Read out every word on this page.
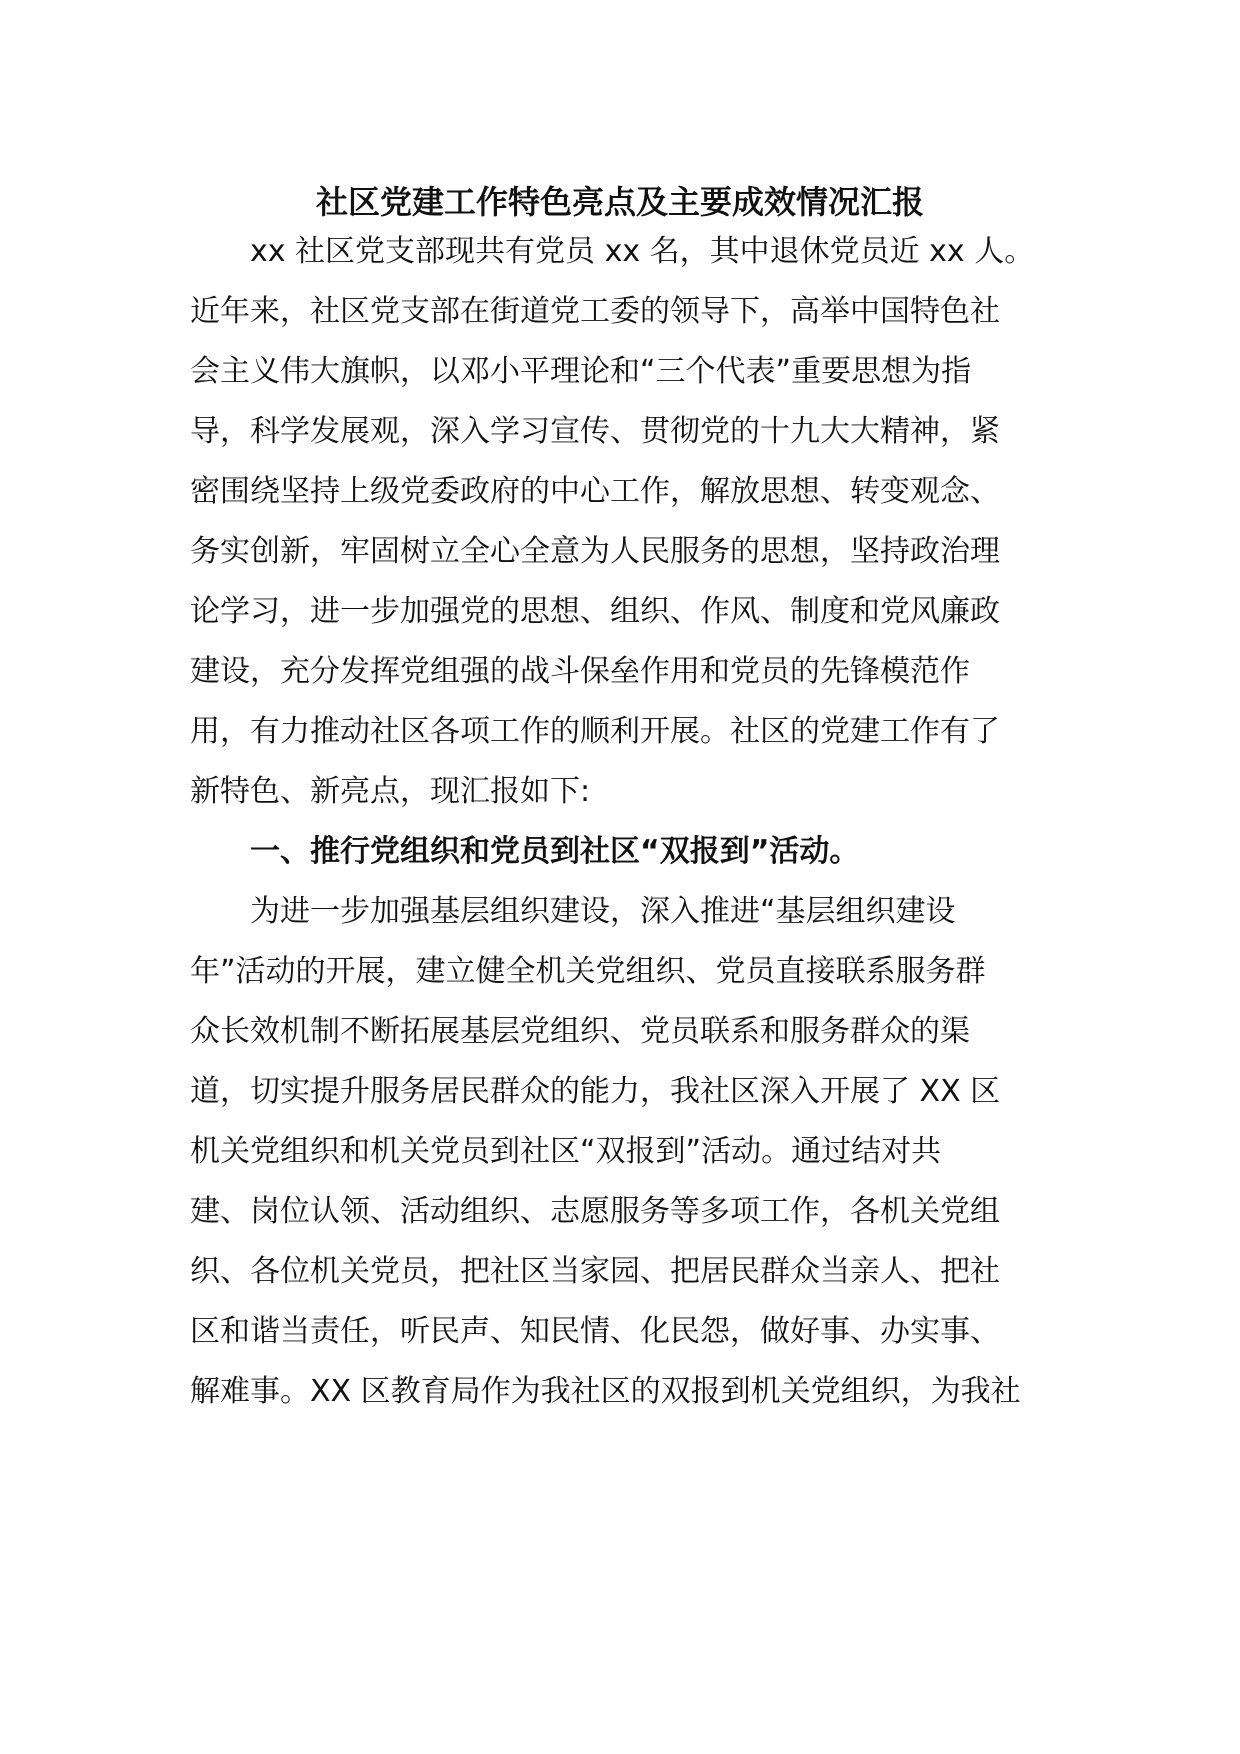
社区党建工作特色亮点及主要成效情况汇报

xx 社区党支部现共有党员 xx 名，其中退休党员近 xx 人。

近年来，社区党支部在街道党工委的领导下，高举中国特色社

会主义伟大旗帜，以邓小平理论和“三个代表”重要思想为指

导，科学发展观，深入学习宣传、贯彻党的十九大大精神，紧

密围绕坚持上级党委政府的中心工作，解放思想、转变观念、

务实创新，牢固树立全心全意为人民服务的思想，坚持政治理

论学习，进一步加强党的思想、组织、作风、制度和党风廉政

建设，充分发挥党组强的战斗保垒作用和党员的先锋模范作

用，有力推动社区各项工作的顺利开展。社区的党建工作有了

新特色、新亮点，现汇报如下:

一、推行党组织和党员到社区“双报到”活动。

为进一步加强基层组织建设，深入推进“基层组织建设

年”活动的开展，建立健全机关党组织、党员直接联系服务群

众长效机制不断拓展基层党组织、党员联系和服务群众的渠

道，切实提升服务居民群众的能力，我社区深入开展了 XX 区

机关党组织和机关党员到社区“双报到”活动。通过结对共

建、岗位认领、活动组织、志愿服务等多项工作，各机关党组

织、各位机关党员，把社区当家园、把居民群众当亲人、把社

区和谐当责任，听民声、知民情、化民怨，做好事、办实事、

解难事。XX 区教育局作为我社区的双报到机关党组织，为我社
